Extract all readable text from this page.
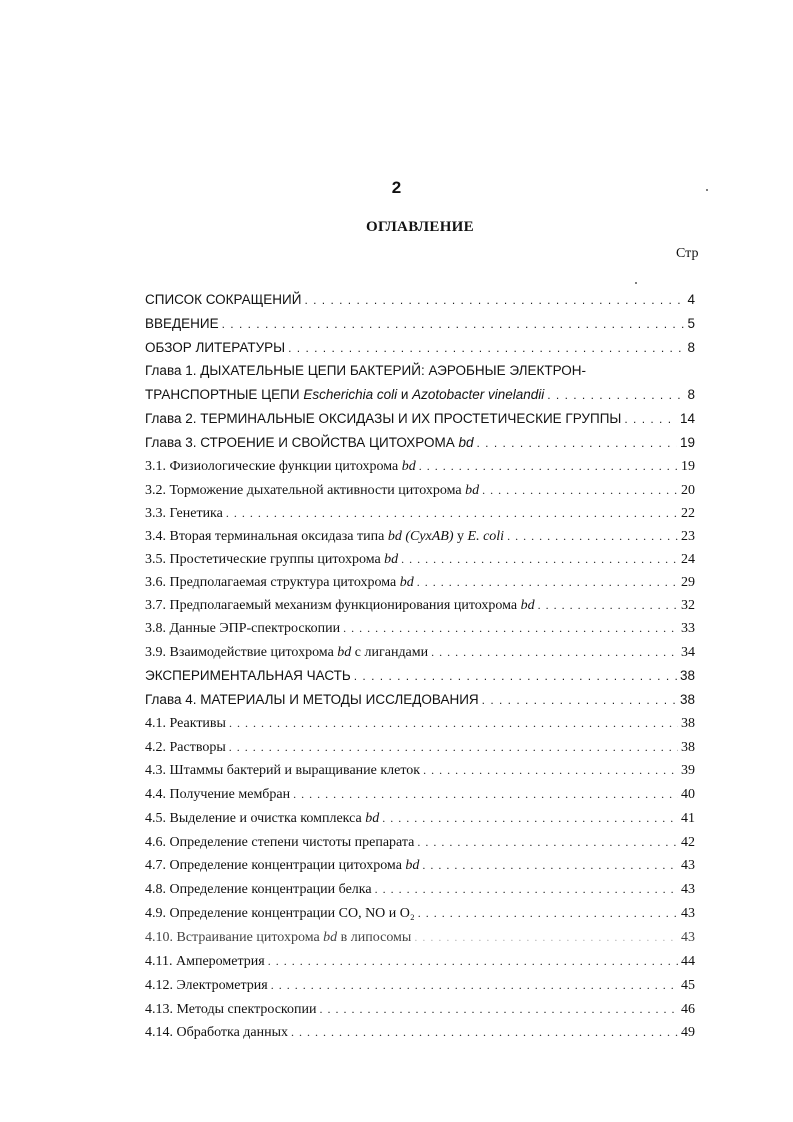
2
ОГЛАВЛЕНИЕ
Стр
СПИСОК СОКРАЩЕНИЙ . . .	4
ВВЕДЕНИЕ . . .	5
ОБЗОР ЛИТЕРАТУРЫ . . .	8
Глава 1. ДЫХАТЕЛЬНЫЕ ЦЕПИ БАКТЕРИЙ: АЭРОБНЫЕ ЭЛЕКТРОН-
ТРАНСПОРТНЫЕ ЦЕПИ Escherichia coli и Azotobacter vinelandii . . .	8
Глава 2. ТЕРМИНАЛЬНЫЕ ОКСИДАЗЫ И ИХ ПРОСТЕТИЧЕСКИЕ ГРУППЫ . . .	14
Глава 3. СТРОЕНИЕ И СВОЙСТВА ЦИТОХРОМА bd . . .	19
3.1. Физиологические функции цитохрома bd . . .	19
3.2. Торможение дыхательной активности цитохрома bd . . .	20
3.3. Генетика . . .	22
3.4. Вторая терминальная оксидаза типа bd (CyxAB) у E. coli . . .	23
3.5. Простетические группы цитохрома bd . . .	24
3.6. Предполагаемая структура цитохрома bd . . .	29
3.7. Предполагаемый механизм функционирования цитохрома bd . . .	32
3.8. Данные ЭПР-спектроскопии . . .	33
3.9. Взаимодействие цитохрома bd с лигандами . . .	34
ЭКСПЕРИМЕНТАЛЬНАЯ ЧАСТЬ . . .	38
Глава 4. МАТЕРИАЛЫ И МЕТОДЫ ИССЛЕДОВАНИЯ . . .	38
4.1. Реактивы . . .	38
4.2. Растворы . . .	38
4.3. Штаммы бактерий и выращивание клеток . . .	39
4.4. Получение мембран . . .	40
4.5. Выделение и очистка комплекса bd . . .	41
4.6. Определение степени чистоты препарата . . .	42
4.7. Определение концентрации цитохрома bd . . .	43
4.8. Определение концентрации белка . . .	43
4.9. Определение концентрации CO, NO и O₂ . . .	43
4.10. Встраивание цитохрома bd в липосомы . . .	43
4.11. Амперометрия . . .	44
4.12. Электрометрия . . .	45
4.13. Методы спектроскопии . . .	46
4.14. Обработка данных . . .	49
